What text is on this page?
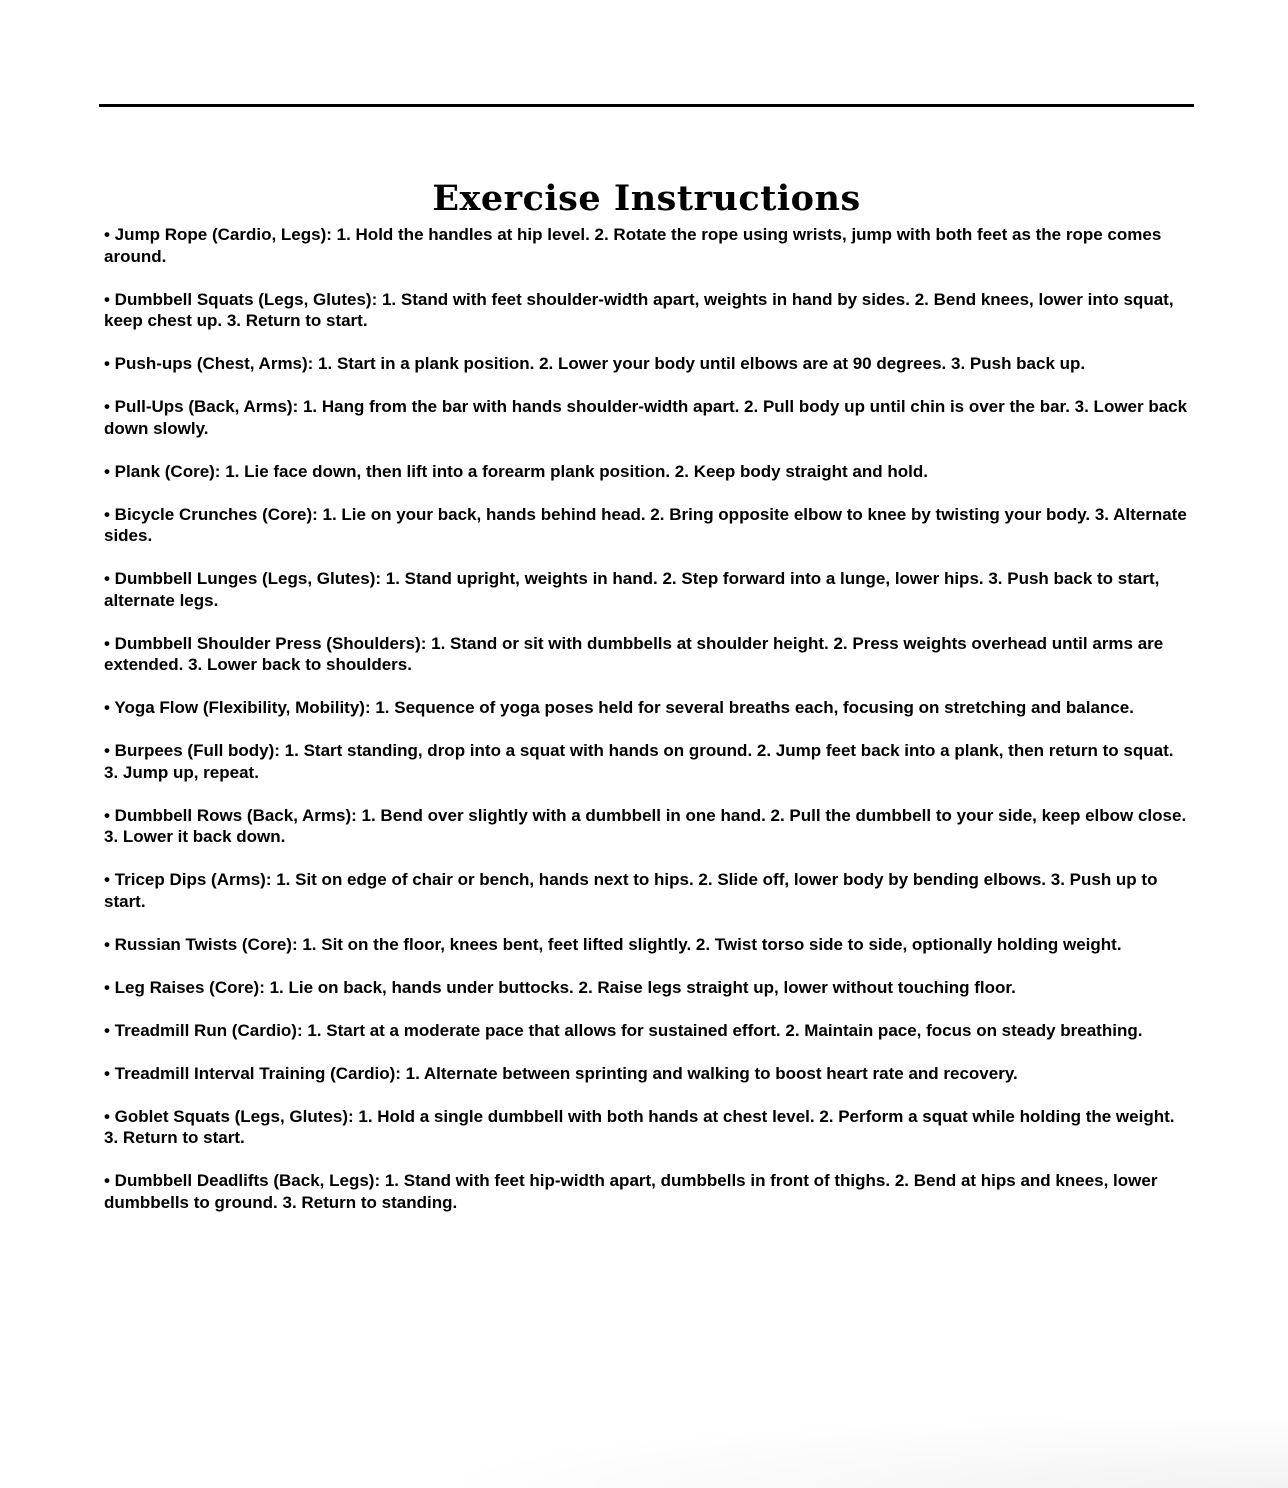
Exercise Instructions
• Jump Rope (Cardio, Legs): 1. Hold the handles at hip level. 2. Rotate the rope using wrists, jump with both feet as the rope comes around.
• Dumbbell Squats (Legs, Glutes): 1. Stand with feet shoulder-width apart, weights in hand by sides. 2. Bend knees, lower into squat, keep chest up. 3. Return to start.
• Push-ups (Chest, Arms): 1. Start in a plank position. 2. Lower your body until elbows are at 90 degrees. 3. Push back up.
• Pull-Ups (Back, Arms): 1. Hang from the bar with hands shoulder-width apart. 2. Pull body up until chin is over the bar. 3. Lower back down slowly.
• Plank (Core): 1. Lie face down, then lift into a forearm plank position. 2. Keep body straight and hold.
• Bicycle Crunches (Core): 1. Lie on your back, hands behind head. 2. Bring opposite elbow to knee by twisting your body. 3. Alternate sides.
• Dumbbell Lunges (Legs, Glutes): 1. Stand upright, weights in hand. 2. Step forward into a lunge, lower hips. 3. Push back to start, alternate legs.
• Dumbbell Shoulder Press (Shoulders): 1. Stand or sit with dumbbells at shoulder height. 2. Press weights overhead until arms are extended. 3. Lower back to shoulders.
• Yoga Flow (Flexibility, Mobility): 1. Sequence of yoga poses held for several breaths each, focusing on stretching and balance.
• Burpees (Full body): 1. Start standing, drop into a squat with hands on ground. 2. Jump feet back into a plank, then return to squat. 3. Jump up, repeat.
• Dumbbell Rows (Back, Arms): 1. Bend over slightly with a dumbbell in one hand. 2. Pull the dumbbell to your side, keep elbow close. 3. Lower it back down.
• Tricep Dips (Arms): 1. Sit on edge of chair or bench, hands next to hips. 2. Slide off, lower body by bending elbows. 3. Push up to start.
• Russian Twists (Core): 1. Sit on the floor, knees bent, feet lifted slightly. 2. Twist torso side to side, optionally holding weight.
• Leg Raises (Core): 1. Lie on back, hands under buttocks. 2. Raise legs straight up, lower without touching floor.
• Treadmill Run (Cardio): 1. Start at a moderate pace that allows for sustained effort. 2. Maintain pace, focus on steady breathing.
• Treadmill Interval Training (Cardio): 1. Alternate between sprinting and walking to boost heart rate and recovery.
• Goblet Squats (Legs, Glutes): 1. Hold a single dumbbell with both hands at chest level. 2. Perform a squat while holding the weight. 3. Return to start.
• Dumbbell Deadlifts (Back, Legs): 1. Stand with feet hip-width apart, dumbbells in front of thighs. 2. Bend at hips and knees, lower dumbbells to ground. 3. Return to standing.
